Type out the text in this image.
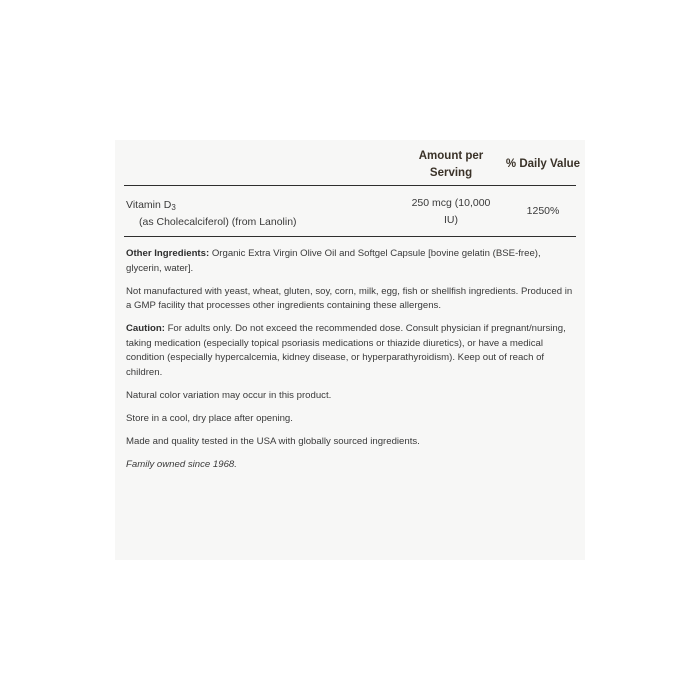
Amount per Serving
% Daily Value
Vitamin $D_3$
(as Cholecalciferol) (from Lanolin)
250 mcg (10,000
IU)
1250%

Other Ingredients: Organic Extra Virgin Olive Oil and Softgel Capsule [bovine gelatin (BSE-free), glycerin, water].

Not manufactured with yeast, wheat, gluten, soy, corn, milk, egg, fish or shellfish ingredients. Produced in a GMP facility that processes other ingredients containing these allergens.

Caution: For adults only. Do not exceed the recommended dose. Consult physician if pregnant/nursing, taking medication (especially topical psoriasis medications or thiazide diuretics), or have a medical condition (especially hypercalcemia, kidney disease, or hyperparathyroidism). Keep out of reach of children.

Natural color variation may occur in this product.

Store in a cool, dry place after opening.

Made and quality tested in the USA with globally sourced ingredients.

Family owned since 1968.
